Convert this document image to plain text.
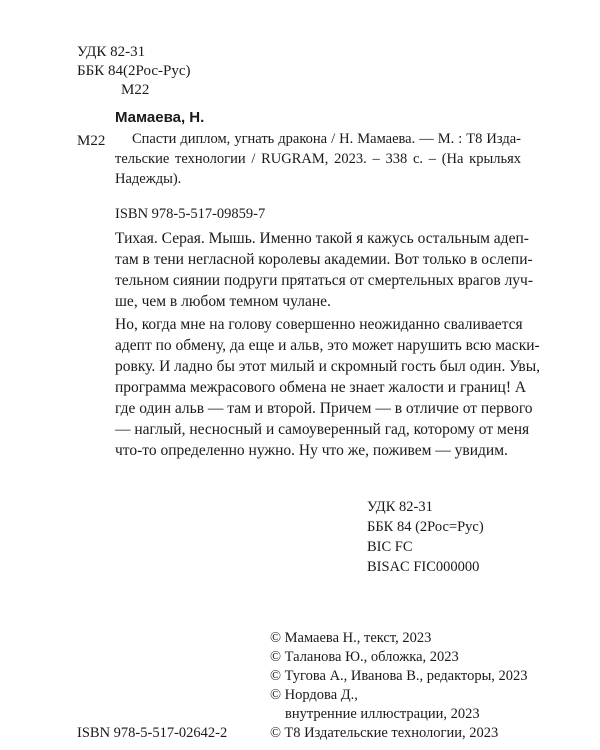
УДК 82-31
ББК 84(2Рос-Рус)
М22
Мамаева, Н.
М22 Спасти диплом, угнать дракона / Н. Мамаева. — М. : T8 Изда-
тельские технологии / RUGRAM, 2023. – 338 с. – (На крыльях
Надежды).
ISBN 978-5-517-09859-7
Тихая. Серая. Мышь. Именно такой я кажусь остальным адеп-
там в тени негласной королевы академии. Вот только в ослепи-
тельном сиянии подруги прятаться от смертельных врагов луч-
ше, чем в любом темном чулане.
Но, когда мне на голову совершенно неожиданно сваливается
адепт по обмену, да еще и альв, это может нарушить всю маски-
ровку. И ладно бы этот милый и скромный гость был один. Увы,
программа межрасового обмена не знает жалости и границ! А
где один альв — там и второй. Причем — в отличие от первого
— наглый, несносный и самоуверенный гад, которому от меня
что-то определенно нужно. Ну что же, поживем — увидим.
УДК 82-31
ББК 84 (2Рос=Рус)
BIC FC
BISAC FIC000000
© Мамаева Н., текст, 2023
© Таланова Ю., обложка, 2023
© Тугова А., Иванова В., редакторы, 2023
© Нордова Д.,
внутренние иллюстрации, 2023
© T8 Издательские технологии, 2023
ISBN 978-5-517-02642-2
